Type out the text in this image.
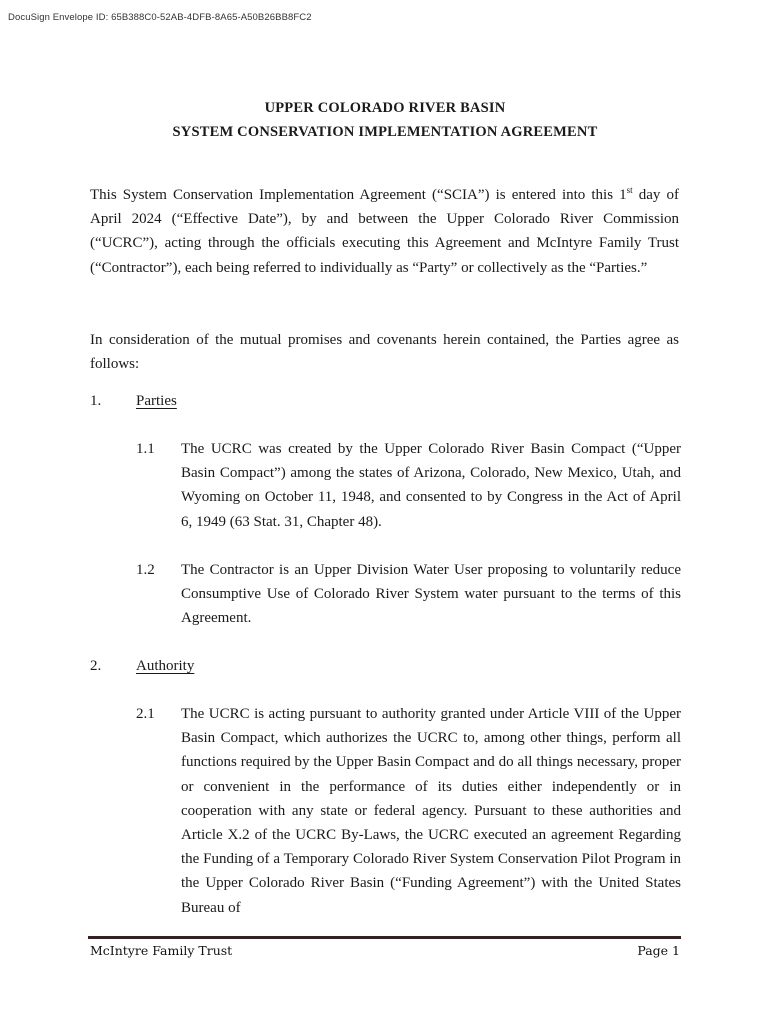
DocuSign Envelope ID: 65B388C0-52AB-4DFB-8A65-A50B26BB8FC2
UPPER COLORADO RIVER BASIN
SYSTEM CONSERVATION IMPLEMENTATION AGREEMENT

This System Conservation Implementation Agreement (“SCIA”) is entered into this 1st day of April 2024 (“Effective Date”), by and between the Upper Colorado River Commission (“UCRC”), acting through the officials executing this Agreement and McIntyre Family Trust (“Contractor”), each being referred to individually as “Party” or collectively as the “Parties.”

In consideration of the mutual promises and covenants herein contained, the Parties agree as follows:

1. Parties
1.1 The UCRC was created by the Upper Colorado River Basin Compact (“Upper Basin Compact”) among the states of Arizona, Colorado, New Mexico, Utah, and Wyoming on October 11, 1948, and consented to by Congress in the Act of April 6, 1949 (63 Stat. 31, Chapter 48).

1.2 The Contractor is an Upper Division Water User proposing to voluntarily reduce Consumptive Use of Colorado River System water pursuant to the terms of this Agreement.

2. Authority
2.1 The UCRC is acting pursuant to authority granted under Article VIII of the Upper Basin Compact, which authorizes the UCRC to, among other things, perform all functions required by the Upper Basin Compact and do all things necessary, proper or convenient in the performance of its duties either independently or in cooperation with any state or federal agency. Pursuant to these authorities and Article X.2 of the UCRC By-Laws, the UCRC executed an agreement Regarding the Funding of a Temporary Colorado River System Conservation Pilot Program in the Upper Colorado River Basin (“Funding Agreement”) with the United States Bureau of

McIntyre Family Trust	Page 1
